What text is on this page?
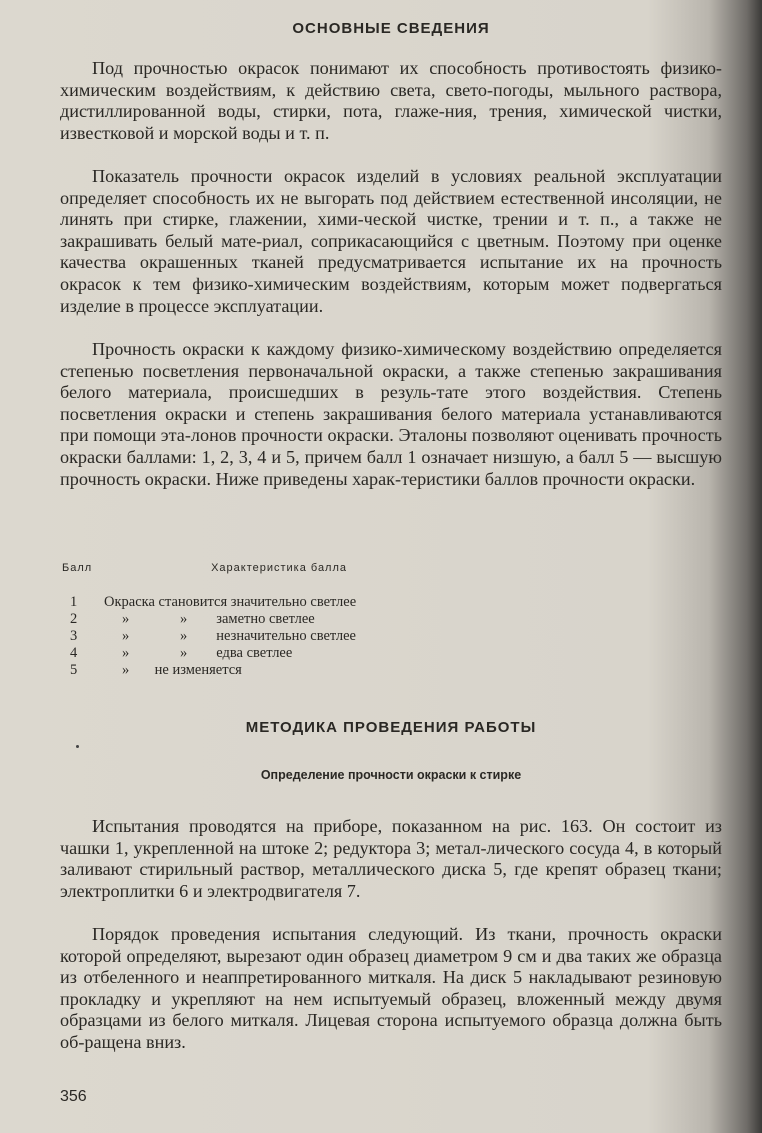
ОСНОВНЫЕ СВЕДЕНИЯ

Под прочностью окрасок понимают их способность противостоять физико-химическим воздействиям, к действию света, свето-погоды, мыльного раствора, дистиллированной воды, стирки, пота, глаже-ния, трения, химической чистки, известковой и морской воды и т. п.

Показатель прочности окрасок изделий в условиях реальной эксплуатации определяет способность их не выгорать под действием естественной инсоляции, не линять при стирке, глажении, хими-ческой чистке, трении и т. п., а также не закрашивать белый мате-риал, соприкасающийся с цветным. Поэтому при оценке качества окрашенных тканей предусматривается испытание их на прочность окрасок к тем физико-химическим воздействиям, которым может подвергаться изделие в процессе эксплуатации.

Прочность окраски к каждому физико-химическому воздействию определяется степенью посветления первоначальной окраски, а также степенью закрашивания белого материала, происшедших в резуль-тате этого воздействия. Степень посветления окраски и степень закрашивания белого материала устанавливаются при помощи эта-лонов прочности окраски. Эталоны позволяют оценивать прочность окраски баллами: 1, 2, 3, 4 и 5, причем балл 1 означает низшую, а балл 5 — высшую прочность окраски. Ниже приведены харак-теристики баллов прочности окраски.

МЕТОДИКА ПРОВЕДЕНИЯ РАБОТЫ
Определение прочности окраски к стирке

Испытания проводятся на приборе, показанном на рис. 163. Он состоит из чашки 1, укрепленной на штоке 2; редуктора 3; метал-лического сосуда 4, в который заливают стирильный раствор, металлического диска 5, где крепят образец ткани; электроплитки 6 и электродвигателя 7.

Порядок проведения испытания следующий. Из ткани, прочность окраски которой определяют, вырезают один образец диаметром 9 см и два таких же образца из отбеленного и неаппретированного миткаля. На диск 5 накладывают резиновую прокладку и укрепляют на нем испытуемый образец, вложенный между двумя образцами из белого миткаля. Лицевая сторона испытуемого образца должна быть об-ращена вниз.

Балл	Характеристика балла
1 Окраска становится значительно светлее
2	»              »        заметно светлее
3	»              »        незначительно светлее
4	»              »        едва светлее
5	»       не изменяется
356
